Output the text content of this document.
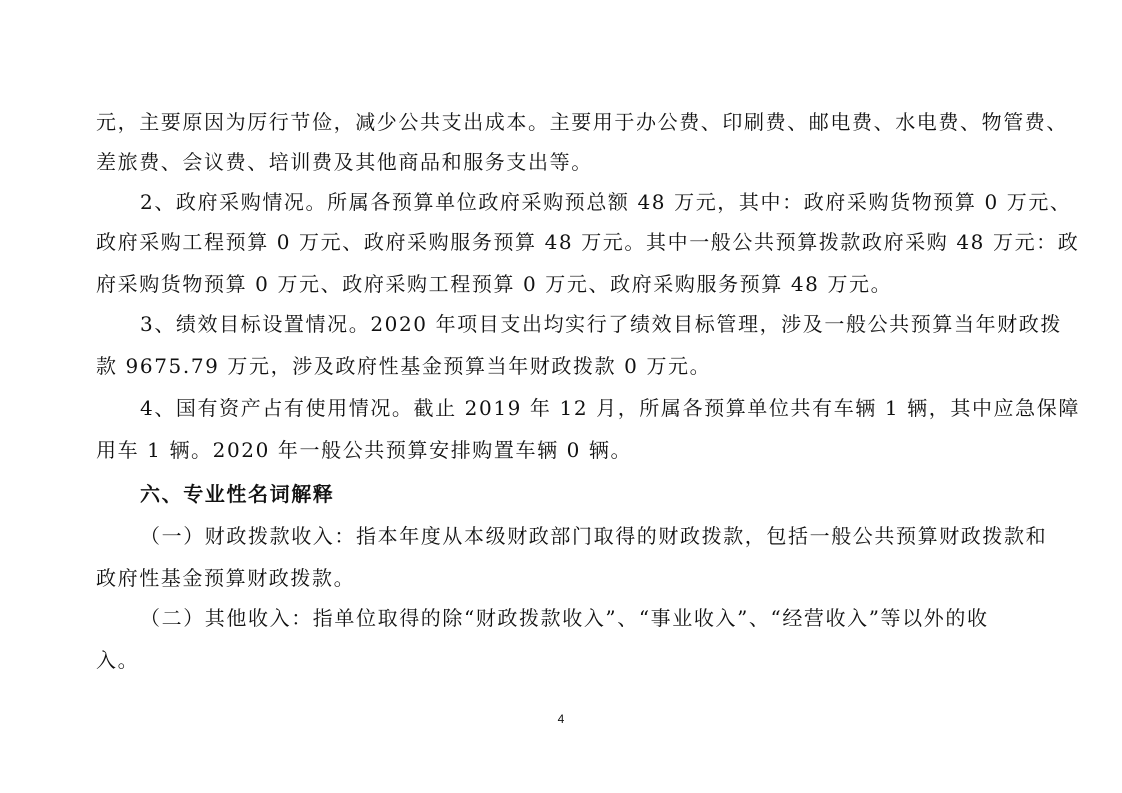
元，主要原因为厉行节俭，减少公共支出成本。主要用于办公费、印刷费、邮电费、水电费、物管费、
差旅费、会议费、培训费及其他商品和服务支出等。
2、政府采购情况。所属各预算单位政府采购预总额 48 万元，其中：政府采购货物预算 0 万元、
政府采购工程预算 0 万元、政府采购服务预算 48 万元。其中一般公共预算拨款政府采购 48 万元：政
府采购货物预算 0 万元、政府采购工程预算 0 万元、政府采购服务预算 48 万元。
3、绩效目标设置情况。2020 年项目支出均实行了绩效目标管理，涉及一般公共预算当年财政拨
款 9675.79 万元，涉及政府性基金预算当年财政拨款 0 万元。
4、国有资产占有使用情况。截止 2019 年 12 月，所属各预算单位共有车辆 1 辆，其中应急保障
用车 1 辆。2020 年一般公共预算安排购置车辆 0 辆。
六、专业性名词解释
（一）财政拨款收入：指本年度从本级财政部门取得的财政拨款，包括一般公共预算财政拨款和
政府性基金预算财政拨款。
（二）其他收入：指单位取得的除“财政拨款收入”、“事业收入”、“经营收入”等以外的收
入。
4
